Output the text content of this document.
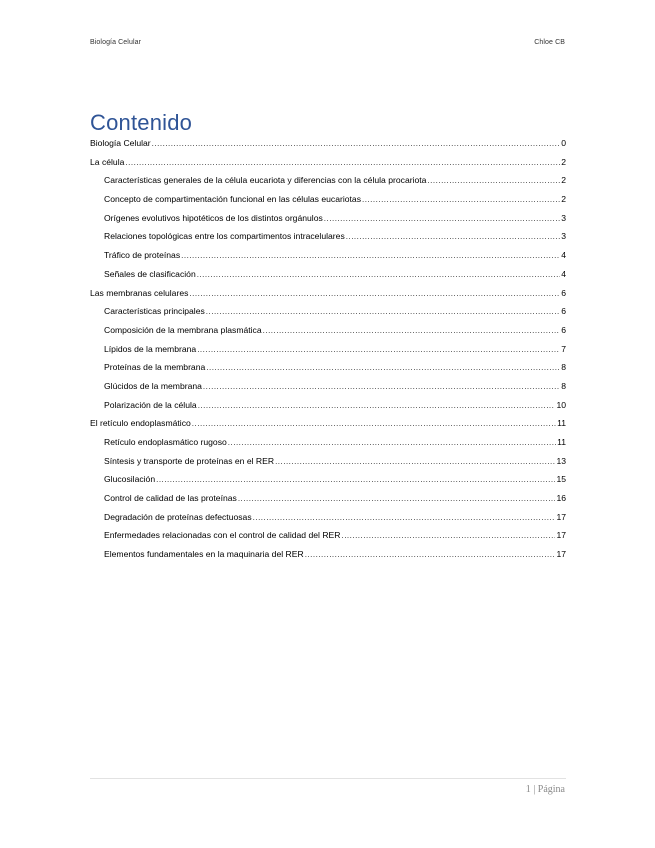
Biología Celular	Chloe CB
Contenido
Biología Celular .....	0
La célula .....	2
Características generales de la célula eucariota y diferencias con la célula procariota .....	2
Concepto de compartimentación funcional en las células eucariotas .....	2
Orígenes evolutivos hipotéticos de los distintos orgánulos .....	3
Relaciones topológicas entre los compartimentos intracelulares .....	3
Tráfico de proteínas .....	4
Señales de clasificación .....	4
Las membranas celulares .....	6
Características principales .....	6
Composición de la membrana plasmática .....	6
Lípidos de la membrana .....	7
Proteínas de la membrana .....	8
Glúcidos de la membrana .....	8
Polarización de la célula .....	10
El retículo endoplasmático .....	11
Retículo endoplasmático rugoso .....	11
Síntesis y transporte de proteínas en el RER .....	13
Glucosilación .....	15
Control de calidad de las proteínas .....	16
Degradación de proteínas defectuosas .....	17
Enfermedades relacionadas con el control de calidad del RER .....	17
Elementos fundamentales en la maquinaria del RER .....	17
1 | Página
